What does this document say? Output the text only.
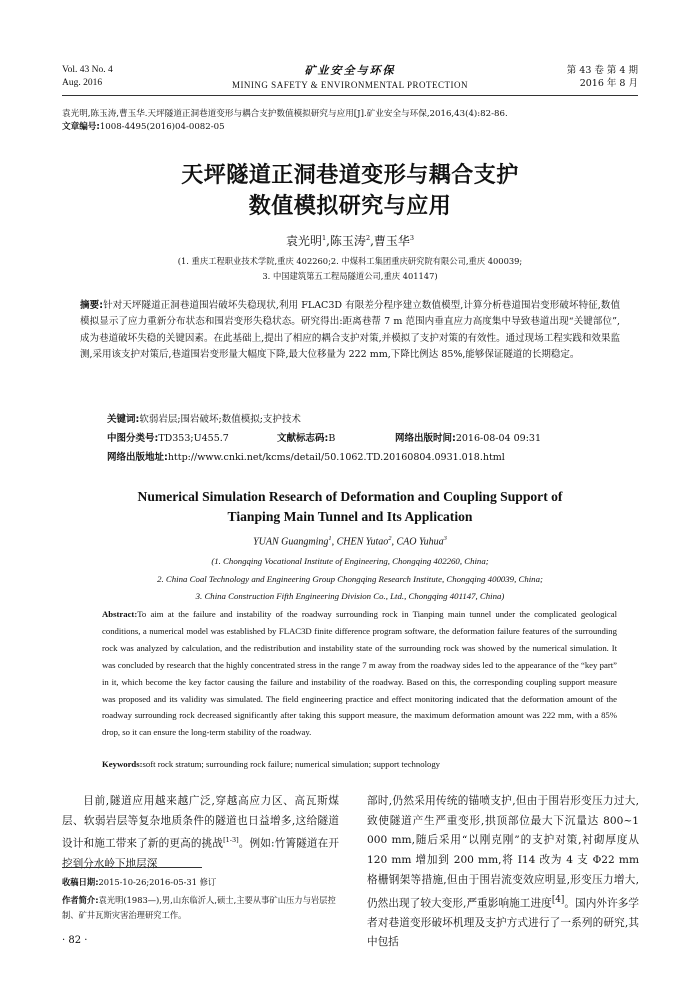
Vol. 43 No. 4
Aug. 2016
矿业安全与环保
MINING SAFETY & ENVIRONMENTAL PROTECTION
第 43 卷 第 4 期
2016 年 8 月
袁光明,陈玉涛,曹玉华.天坪隧道正洞巷道变形与耦合支护数值模拟研究与应用[J].矿业安全与环保,2016,43(4):82-86.
文章编号:1008-4495(2016)04-0082-05
天坪隧道正洞巷道变形与耦合支护
数值模拟研究与应用
袁光明$^1$,陈玉涛$^2$,曹玉华$^3$
(1. 重庆工程职业技术学院,重庆 402260;2. 中煤科工集团重庆研究院有限公司,重庆 400039;
3. 中国建筑第五工程局隧道公司,重庆 401147)
摘要:针对天坪隧道正洞巷道围岩破坏失稳现状,利用 FLAC3D 有限差分程序建立数值模型,计算分析巷道围岩变形破坏特征,数值模拟显示了应力重新分布状态和围岩变形失稳状态。研究得出:距离巷帮 7 m 范围内垂直应力高度集中导致巷道出现“关键部位”,成为巷道破坏失稳的关键因素。在此基础上,提出了相应的耦合支护对策,并模拟了支护对策的有效性。通过现场工程实践和效果监测,采用该支护对策后,巷道围岩变形量大幅度下降,最大位移量为 222 mm,下降比例达 85%,能够保证隧道的长期稳定。
关键词:软弱岩层;围岩破坏;数值模拟;支护技术
中图分类号:TD353;U455.7	文献标志码:B	网络出版时间:2016-08-04 09:31
网络出版地址:http://www.cnki.net/kcms/detail/50.1062.TD.20160804.0931.018.html
Numerical Simulation Research of Deformation and Coupling Support of
Tianping Main Tunnel and Its Application
YUAN Guangming$^1$, CHEN Yutao$^2$, CAO Yuhua$^3$
(1. Chongqing Vocational Institute of Engineering, Chongqing 402260, China;
2. China Coal Technology and Engineering Group Chongqing Research Institute, Chongqing 400039, China;
3. China Construction Fifth Engineering Division Co., Ltd., Chongqing 401147, China)
Abstract:To aim at the failure and instability of the roadway surrounding rock in Tianping main tunnel under the complicated geological conditions, a numerical model was established by FLAC3D finite difference program software, the deformation failure features of the surrounding rock was analyzed by calculation, and the redistribution and instability state of the surrounding rock was showed by the numerical simulation. It was concluded by research that the highly concentrated stress in the range 7 m away from the roadway sides led to the appearance of the “key part” in it, which become the key factor causing the failure and instability of the roadway. Based on this, the corresponding coupling support measure was proposed and its validity was simulated. The field engineering practice and effect monitoring indicated that the deformation amount of the roadway surrounding rock decreased significantly after taking this support measure, the maximum deformation amount was 222 mm, with a 85% drop, so it can ensure the long-term stability of the roadway.
Keywords:soft rock stratum; surrounding rock failure; numerical simulation; support technology
目前,隧道应用越来越广泛,穿越高应力区、高瓦斯煤层、软弱岩层等复杂地质条件的隧道也日益增多,这给隧道设计和施工带来了新的更高的挑战[1-3]。例如:竹箐隧道在开挖到分水岭下地层深
部时,仍然采用传统的锚喷支护,但由于围岩形变压力过大,致使隧道产生严重变形,拱顶部位最大下沉量达 800~1 000 mm,随后采用“以刚克刚”的支护对策,衬砌厚度从 120 mm 增加到 200 mm,将 I14 改为 4 支 Φ22 mm 格栅钢架等措施,但由于围岩流变效应明显,形变压力增大,仍然出现了较大变形,严重影响施工进度[4]。国内外许多学者对巷道变形破坏机理及支护方式进行了一系列的研究,其中包括
收稿日期:2015-10-26;2016-05-31 修订
作者简介:袁光明(1983—),男,山东临沂人,硕士,主要从事矿山压力与岩层控制、矿井瓦斯灾害治理研究工作。
· 82 ·
